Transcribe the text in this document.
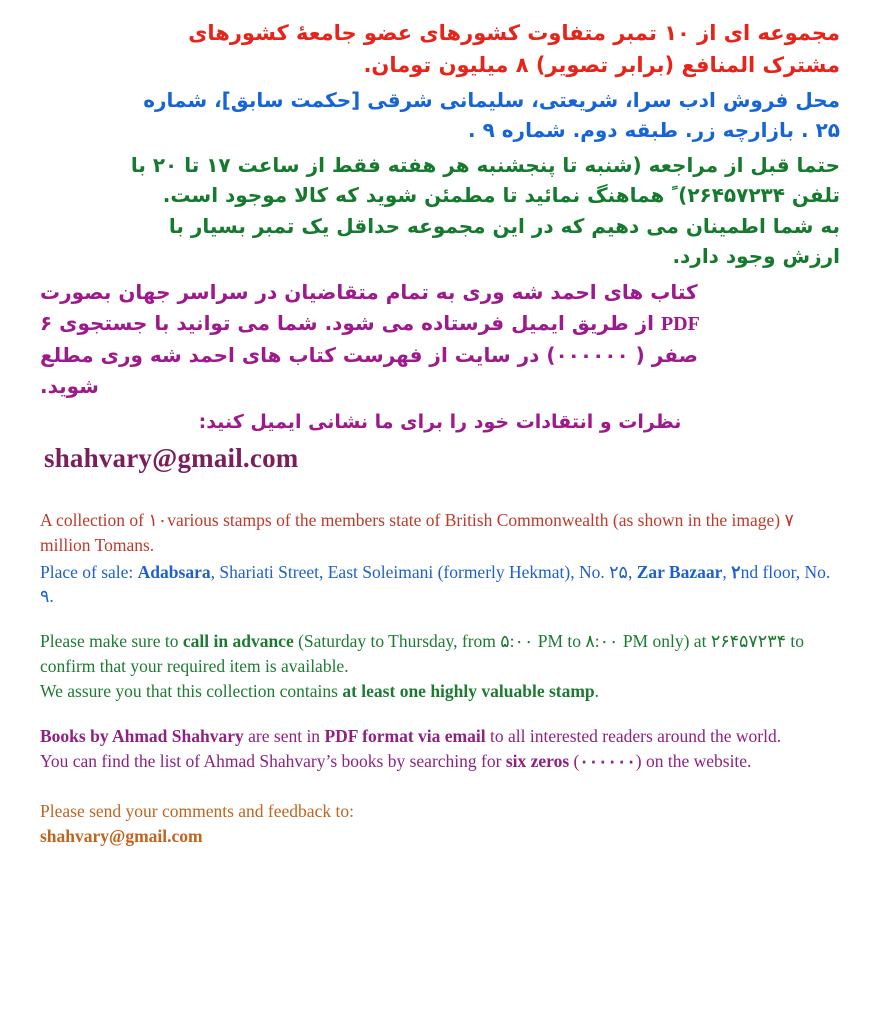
مجموعه ای از ۱۰ تمبر متفاوت کشورهای عضو جامعهٔ کشورهای
مشترک المنافع (برابر تصویر) ۸ میلیون تومان.
محل فروش ادب سرا، شریعتی، سلیمانی شرقی [حکمت سابق]، شماره
۲۵ . بازارچه زر. طبقه دوم. شماره ۹ .
حتما قبل از مراجعه (شنبه تا پنجشنبه هر هفته فقط از ساعت ۱۷ تا ۲۰ با
تلفن ۲۶۴۵۷۲۳۴) ً هماهنگ نمائید تا مطمئن شوید که کالا موجود است.
به شما اطمینان می دهیم که در این مجموعه حداقل یک تمبر بسیار با
ارزش وجود دارد.
کتاب های احمد شه وری به تمام متقاضیان در سراسر جهان بصورت
PDF از طریق ایمیل فرستاده می شود. شما می توانید با جستجوی ۶
صفر ( ۰۰۰۰۰۰) در سایت از فهرست کتاب های احمد شه وری مطلع
شوید.
نظرات و انتقادات خود را برای ما نشانی ایمیل کنید:
shahvary@gmail.com

A collection of ۱۰various stamps of the members state of British Commonwealth (as shown in the image) ۷ million Tomans.

Place of sale: Adabsara, Shariati Street, East Soleimani (formerly Hekmat), No. ۲۵, Zar Bazaar, ۲nd floor, No. ۹.

Please make sure to call in advance (Saturday to Thursday, from ۵:۰۰ PM to ۸:۰۰ PM only) at ۲۶۴۵۷۲۳۴ to confirm that your required item is available.

We assure you that this collection contains at least one highly valuable stamp.

Books by Ahmad Shahvary are sent in PDF format via email to all interested readers around the world.

You can find the list of Ahmad Shahvary’s books by searching for six zeros (۰۰۰۰۰۰) on the website.

Please send your comments and feedback to:

shahvary@gmail.com
